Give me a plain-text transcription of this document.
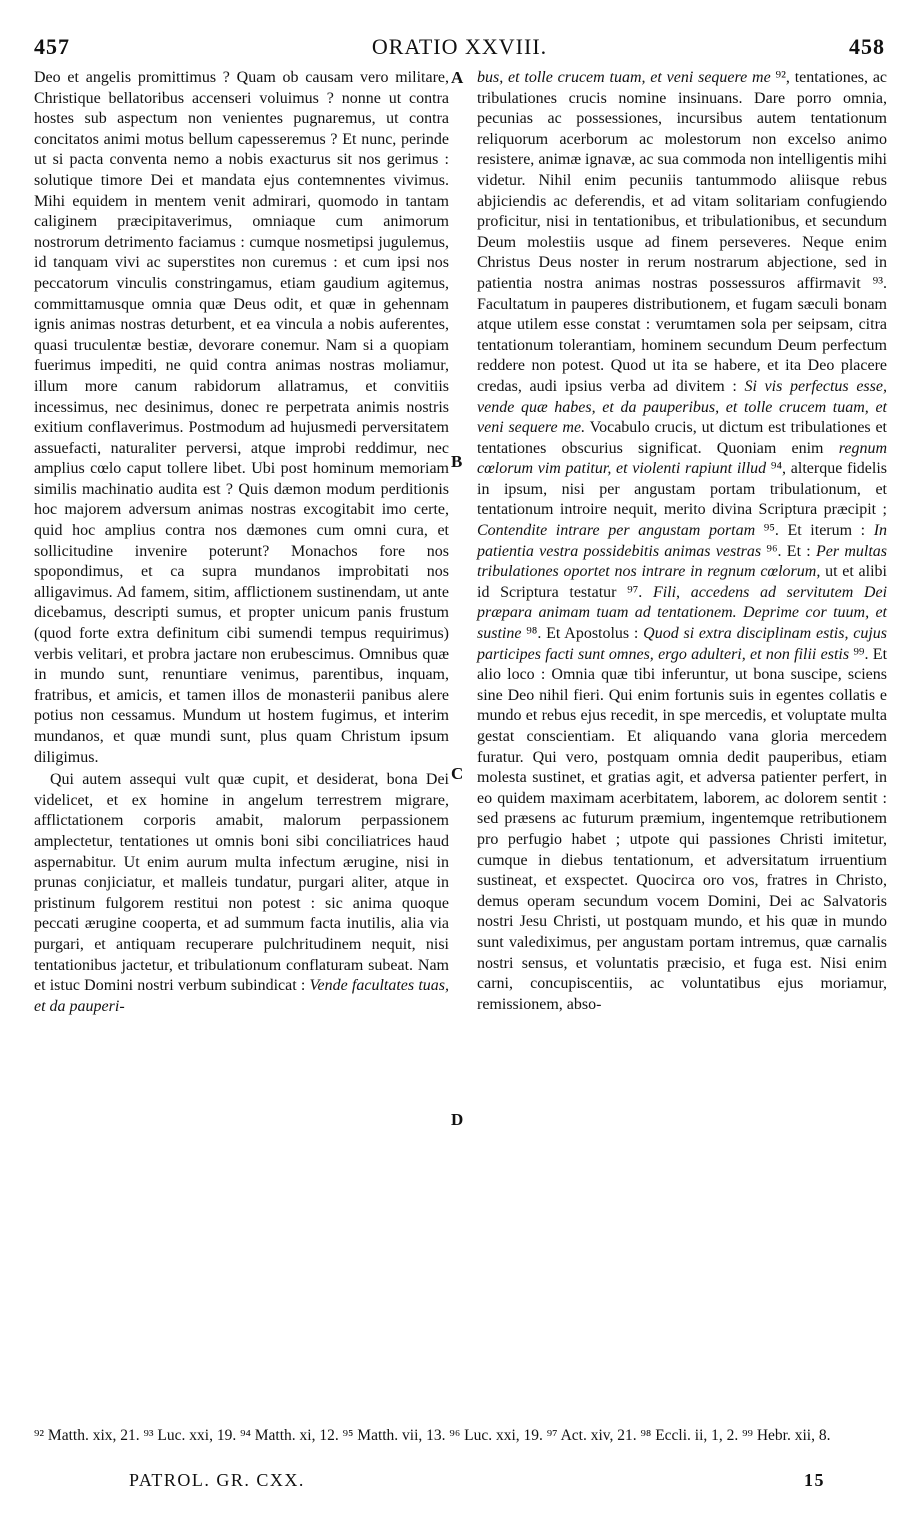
457	ORATIO XXVIII.	458

Deo et angelis promittimus ? Quam ob causam vero militare, Christique bellatoribus accenseri voluimus ? nonne ut contra hostes sub aspectum non venientes pugnaremus, ut contra concitatos animi motus bellum capesseremus ? Et nunc, perinde ut si pacta conventa nemo a nobis exacturus sit nos gerimus : solutique timore Dei et mandata ejus contemnentes vivimus. Mihi equidem in mentem venit admirari, quomodo in tantam caliginem præcipitaverimus, omniaque cum animorum nostrorum detrimento faciamus : cumque nosmetipsi jugulemus, id tanquam vivi ac superstites non curemus : et cum ipsi nos peccatorum vinculis constringamus, etiam gaudium agitemus, committamusque omnia quæ Deus odit, et quæ in gehennam ignis animas nostras deturbent, et ea vincula a nobis auferentes, quasi truculentæ bestiæ, devorare conemur. Nam si a quopiam fuerimus impediti, ne quid contra animas nostras moliamur, illum more canum rabidorum allatramus, et convitiis incessimus, nec desinimus, donec re perpetrata animis nostris exitium conflaverimus. Postmodum ad hujusmedi perversitatem assuefacti, naturaliter perversi, atque improbi reddimur, nec amplius cœlo caput tollere libet. Ubi post hominum memoriam similis machinatio audita est ? Quis dæmon modum perditionis hoc majorem adversum animas nostras excogitabit imo certe, quid hoc amplius contra nos dæmones cum omni cura, et sollicitudine invenire poterunt? Monachos fore nos spopondimus, et ca supra mundanos improbitati nos alligavimus. Ad famem, sitim, afflictionem sustinendam, ut ante dicebamus, descripti sumus, et propter unicum panis frustum (quod forte extra definitum cibi sumendi tempus requirimus) verbis velitari, et probra jactare non erubescimus. Omnibus quæ in mundo sunt, renuntiare venimus, parentibus, inquam, fratribus, et amicis, et tamen illos de monasterii panibus alere potius non cessamus. Mundum ut hostem fugimus, et interim mundanos, et quæ mundi sunt, plus quam Christum ipsum diligimus.

Qui autem assequi vult quæ cupit, et desiderat, bona Dei videlicet, et ex homine in angelum terrestrem migrare, afflictationem corporis amabit, malorum perpassionem amplectetur, tentationes ut omnis boni sibi conciliatrices haud aspernabitur. Ut enim aurum multa infectum ærugine, nisi in prunas conjiciatur, et malleis tundatur, purgari aliter, atque in pristinum fulgorem restitui non potest : sic anima quoque peccati ærugine cooperta, et ad summum facta inutilis, alia via purgari, et antiquam recuperare pulchritudinem nequit, nisi tentationibus jactetur, et tribulationum conflaturam subeat. Nam et istuc Domini nostri verbum subindicat : Vende facultates tuas, et da pauperi-

A
B
C
D

bus, et tolle crucem tuam, et veni sequere me ⁹², tentationes, ac tribulationes crucis nomine insinuans. Dare porro omnia, pecunias ac possessiones, incursibus autem tentationum reliquorum acerborum ac molestorum non excelso animo resistere, animæ ignavæ, ac sua commoda non intelligentis mihi videtur. Nihil enim pecuniis tantummodo aliisque rebus abjiciendis ac deferendis, et ad vitam solitariam confugiendo proficitur, nisi in tentationibus, et tribulationibus, et secundum Deum molestiis usque ad finem perseveres. Neque enim Christus Deus noster in rerum nostrarum abjectione, sed in patientia nostra animas nostras possessuros affirmavit ⁹³. Facultatum in pauperes distributionem, et fugam sæculi bonam atque utilem esse constat : verumtamen sola per seipsam, citra tentationum tolerantiam, hominem secundum Deum perfectum reddere non potest. Quod ut ita se habere, et ita Deo placere credas, audi ipsius verba ad divitem : Si vis perfectus esse, vende quæ habes, et da pauperibus, et tolle crucem tuam, et veni sequere me. Vocabulo crucis, ut dictum est tribulationes et tentationes obscurius significat. Quoniam enim regnum cœlorum vim patitur, et violenti rapiunt illud ⁹⁴, alterque fidelis in ipsum, nisi per angustam portam tribulationum, et tentationum introire nequit, merito divina Scriptura præcipit ; Contendite intrare per angustam portam ⁹⁵. Et iterum : In patientia vestra possidebitis animas vestras ⁹⁶. Et : Per multas tribulationes oportet nos intrare in regnum cœlorum, ut et alibi id Scriptura testatur ⁹⁷. Fili, accedens ad servitutem Dei præpara animam tuam ad tentationem. Deprime cor tuum, et sustine ⁹⁸. Et Apostolus : Quod si extra disciplinam estis, cujus participes facti sunt omnes, ergo adulteri, et non filii estis ⁹⁹. Et alio loco : Omnia quæ tibi inferuntur, ut bona suscipe, sciens sine Deo nihil fieri. Qui enim fortunis suis in egentes collatis e mundo et rebus ejus recedit, in spe mercedis, et voluptate multa gestat conscientiam. Et aliquando vana gloria mercedem furatur. Qui vero, postquam omnia dedit pauperibus, etiam molesta sustinet, et gratias agit, et adversa patienter perfert, in eo quidem maximam acerbitatem, laborem, ac dolorem sentit : sed præsens ac futurum præmium, ingentemque retributionem pro perfugio habet ; utpote qui passiones Christi imitetur, cumque in diebus tentationum, et adversitatum irruentium sustineat, et exspectet. Quocirca oro vos, fratres in Christo, demus operam secundum vocem Domini, Dei ac Salvatoris nostri Jesu Christi, ut postquam mundo, et his quæ in mundo sunt valediximus, per angustam portam intremus, quæ carnalis nostri sensus, et voluntatis præcisio, et fuga est. Nisi enim carni, concupiscentiis, ac voluntatibus ejus moriamur, remissionem, abso-

⁹² Matth. xix, 21. ⁹³ Luc. xxi, 19. ⁹⁴ Matth. xi, 12. ⁹⁵ Matth. vii, 13. ⁹⁶ Luc. xxi, 19. ⁹⁷ Act. xiv, 21. ⁹⁸ Eccli. ii, 1, 2. ⁹⁹ Hebr. xii, 8.
PATROL. GR. CXX.	15
